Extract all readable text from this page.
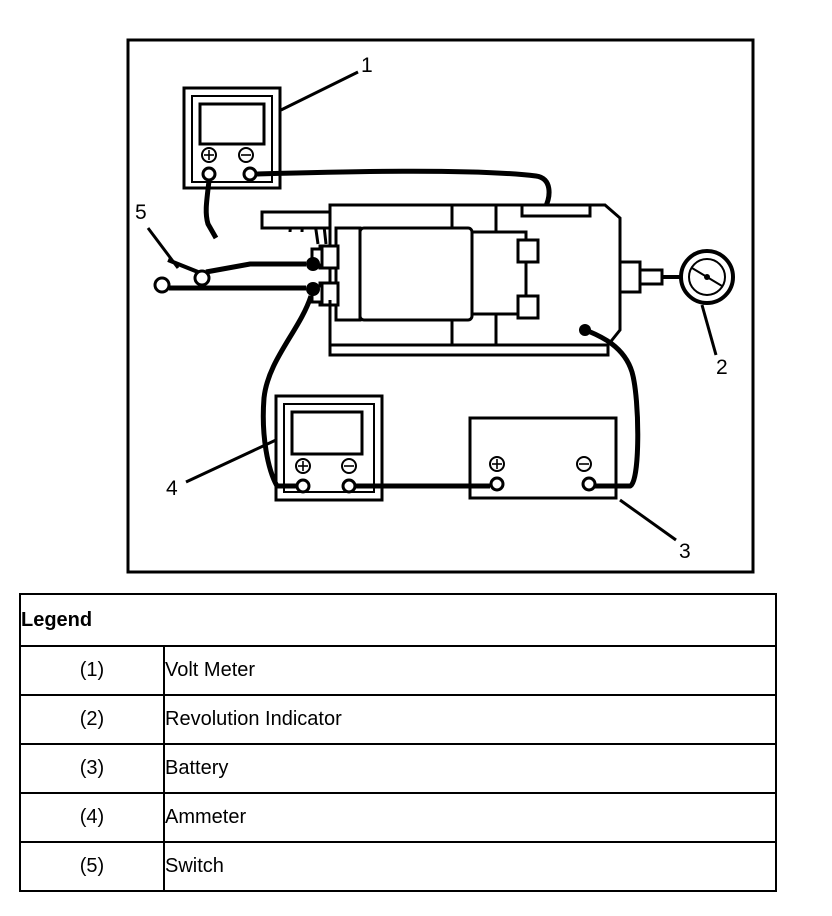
1
2
3
4
5
Legend	
(1)	Volt Meter
(2)	Revolution Indicator
(3)	Battery
(4)	Ammeter
(5)	Switch
